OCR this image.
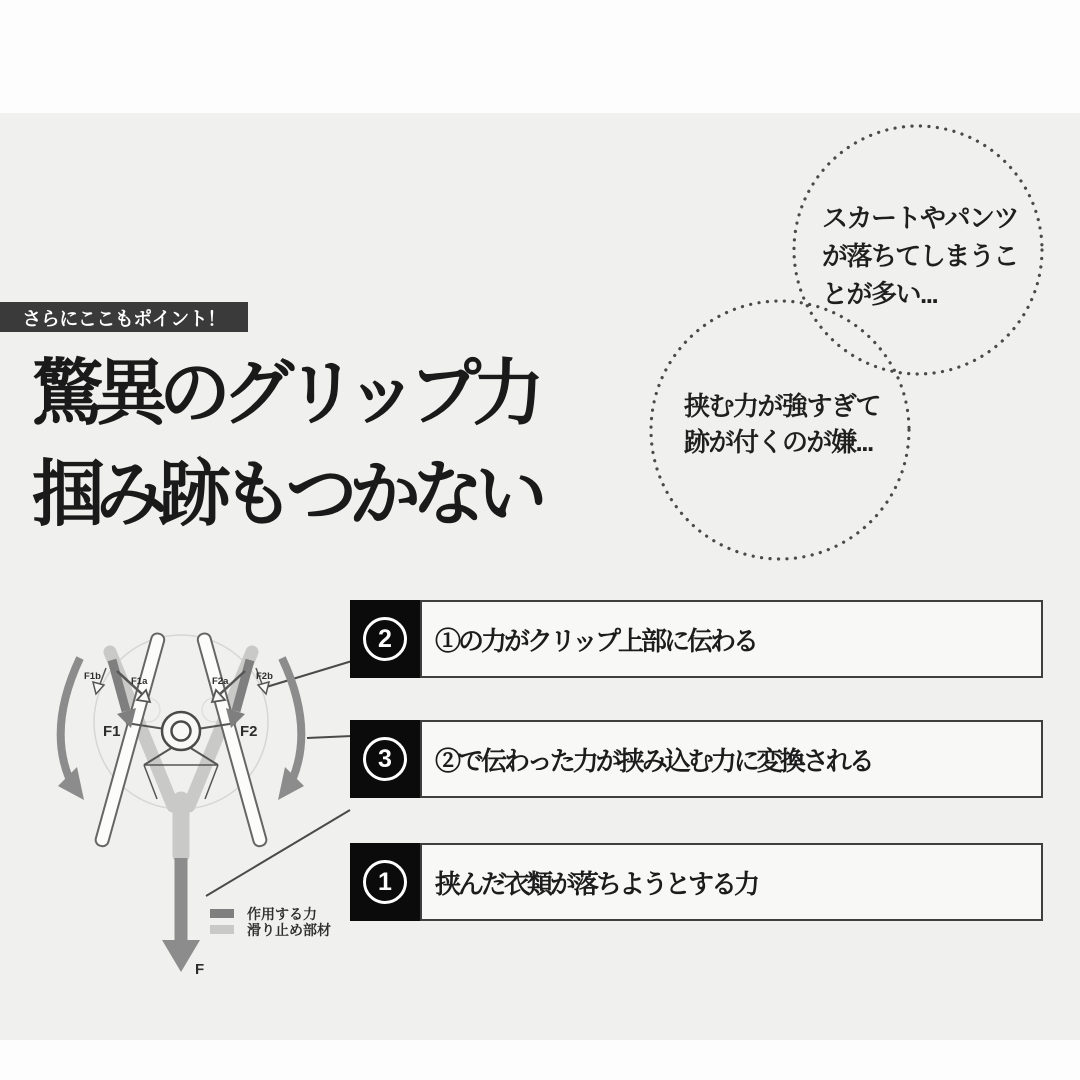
F1b	F1a	F2a	F2b
F1	F2
F
作用する力
滑り止め部材
さらにここもポイント！
驚異のグリップ力
掴み跡もつかない
スカートやパンツ
が落ちてしまうこ
とが多い...
挟む力が強すぎて
跡が付くのが嫌...
2	①の力がクリップ上部に伝わる
3	②で伝わった力が挟み込む力に変換される
1	挟んだ衣類が落ちようとする力
